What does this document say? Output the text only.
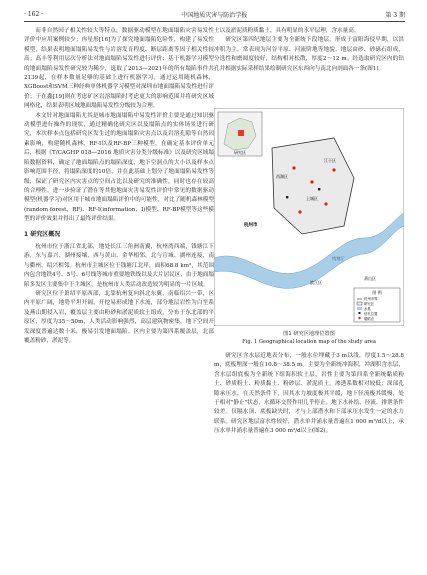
· 162 ·	中国地质灾害与防治学报	第 3 期

而非自然因子相关性较大等特点，数据驱动模型在地面塌陷灾害易发性评价中应用案例较少；冉星彤[16]为了探究地面塌陷危险性，构建了易发性模型，结果表明地面塌陷易发性与岩溶发育程度、断层距离等因子相关性较高；高丰等利用层次分析法对地面塌陷易发性进行评价；基于机器学习模型的地面塌陷易发性研究较为稀少，选取了2013—2021年的所有塌陷事件共2139起，在样本数量足够的基础上进行机器学习，通过运用随机森林、XGBoost和SVM三种经典单体机器学习模型对深圳市地面塌陷易发性进行评价；于在鑫[19]则在考虑矿区岩溶塌陷时考虑更大的影响范围并将研究区域网格化，结果表明区域地面塌陷易发性分级较为合理。

本文针对地面塌陷尤其是城市地面塌陷中易发性评价主要是通过知识驱动模型进行操作的现状，通过精确化研究区以及塌陷点的实体场景进行研究，本次样本点包括研究区发生过的地面塌陷灾害点以及岩溶孔隙等自然因素影响，构建随机森林、RF-I以及RF-BP三种模型，在确定基本评价单元后，根据《T/CAGHP 018—2016 地质灾害分类分级标准》以及研究区域塌陷数据资料，确定了地面塌陷点的塌陷深度、地下空洞点的大小以及样本点影响范围半径，将塌陷深度的10倍，并在此基础上划分了地面塌陷易发性等级，保证了研究区内灾害点的空间占比以及研究的准确性，同时也存在较高的合理性。进一步验证了潜在等其他地面灾害易发性评价中常见的数据驱动模型(机器学习)对区用于城市地面塌陷评价中的可能性，对比了随机森林模型(random forest，RF)、RF-I(information，I)模型、RF-BP模型等这些模型的评价效果并得出了最终评价结果。

1 研究区概况

杭州市位于浙江省北部，地处长江三角洲南翼，杭州湾西端，钱塘江下游，东与嘉兴、湖州接壤，西与黄山、金华相邻，北与宣城、湖州连接，南与衢州、绍兴相邻。杭州市主城区位于钱塘江北岸，面积68.8 km²，其范围内包含地铁4号、5号、6号线等城市重要地铁线以及大片居民区，由于地面塌陷多发区主要集中于主城区，是杭州市人类活动改造较为明显的一片区域。

研究区位于萧绍平原西部，北靠杭州复向斜北东翼，南临绍兴一带，区内平原广阔，地势平坦开阔，开挖易形成地下水流，部分地层岩性为白垩系及燕山期侵入岩，覆盖层主要由粉砂和淤泥质软土组成，分布于东北部的平原区，厚度为35～50m，人类活动影响强烈，高层建筑物密集，地下空间开发深度普遍达数十米，极易引发地面塌陷。区内主要为第四系覆盖层，北部覆盖粉砂、淤泥等。

土以及淤泥质粉质黏土，具有明显的水平层理，含水量高。

研究区第四纪地层主要为全新统下段地层，形成于富阳海侵早期，以洪冲积为主，常表现为河谷平原、河流阶地等地貌。地层由砂、砂砾石组成，分选性和磨圆度较好，结构相对松散，厚度2～12 m。经选取研究区内的钻孔并根据实际采样结果绘制研究区东西向与南北向剖面各一条(图1)。

研究区
钱塘江
西湖区
上城区
江干区
滨江区
萧山区
杭州市
图 例
杭州市界
研究区
水系
钻孔位置
塌陷点
图1 研究区地理位置图
Fig. 1 Geographical location map of the study area

研究区含水层近地表分布，一般水位埋藏于3 m以浅，厚度1.5～28.8 m，底板埋深一般在10.8～38.5 m。主要为全新统冲海积，冲湖积含水层，含水层组底板为全新统下组海积软土层，岩性主要为第四系全新统黏质粉土、砂质粉土、粉质黏土、粉砂层、淤泥质土，渗透系数相对较低；深部孔隙承压水，在天然条件下，因其水力坡度极其平缓，地下径流极其缓慢，处于相对"静止"状态，水循环交替作用几乎停止。地下水补给、径流、排泄条件较差。仅隔水顶、底板缺失时，才与上部潜水和下部承压水发生一定的水力联系。研究区地层富水性较好，潜水单井涌水量普遍在1 000 m³/d以上，承压水单井涌水量普遍在3 000 m³/d以上(图2)。
